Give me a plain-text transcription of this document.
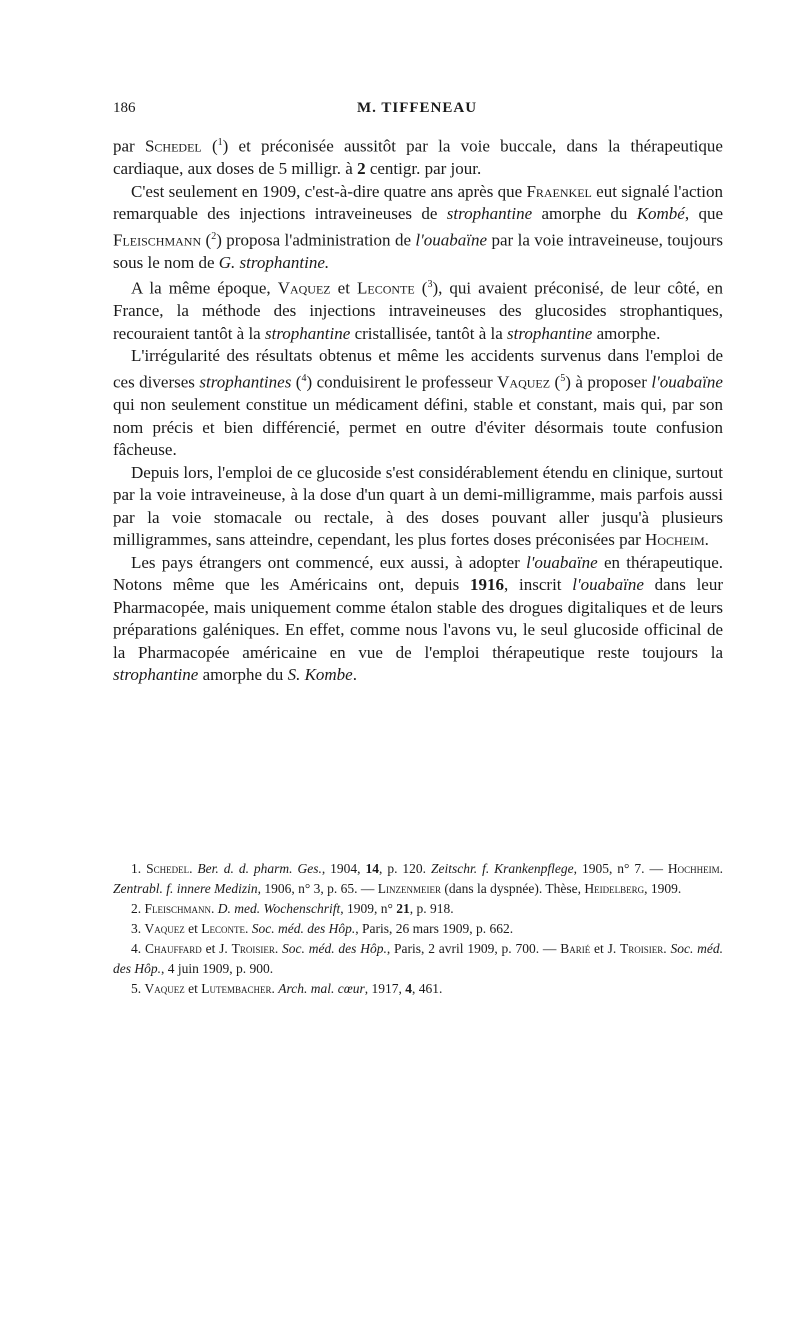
186	M. TIFFENEAU

par Schedel ($^1$) et préconisée aussitôt par la voie buccale, dans la thérapeutique cardiaque, aux doses de 5 milligr. à 2 centigr. par jour.

C'est seulement en 1909, c'est-à-dire quatre ans après que Fraenkel eut signalé l'action remarquable des injections intraveineuses de strophantine amorphe du Kombé, que Fleischmann ($^2$) proposa l'administration de l'ouabaïne par la voie intraveineuse, toujours sous le nom de G. strophantine.

A la même époque, Vaquez et Leconte ($^3$), qui avaient préconisé, de leur côté, en France, la méthode des injections intraveineuses des glucosides strophantiques, recouraient tantôt à la strophantine cristallisée, tantôt à la strophantine amorphe.

L'irrégularité des résultats obtenus et même les accidents survenus dans l'emploi de ces diverses strophantines ($^4$) conduisirent le professeur Vaquez ($^5$) à proposer l'ouabaïne qui non seulement constitue un médicament défini, stable et constant, mais qui, par son nom précis et bien différencié, permet en outre d'éviter désormais toute confusion fâcheuse.

Depuis lors, l'emploi de ce glucoside s'est considérablement étendu en clinique, surtout par la voie intraveineuse, à la dose d'un quart à un demi-milligramme, mais parfois aussi par la voie stomacale ou rectale, à des doses pouvant aller jusqu'à plusieurs milligrammes, sans atteindre, cependant, les plus fortes doses préconisées par Hocheim.

Les pays étrangers ont commencé, eux aussi, à adopter l'ouabaïne en thérapeutique. Notons même que les Américains ont, depuis 1916, inscrit l'ouabaïne dans leur Pharmacopée, mais uniquement comme étalon stable des drogues digitaliques et de leurs préparations galéniques. En effet, comme nous l'avons vu, le seul glucoside officinal de la Pharmacopée américaine en vue de l'emploi thérapeutique reste toujours la strophantine amorphe du S. Kombe.

1. Schedel. Ber. d. d. pharm. Ges., 1904, 14, p. 120. Zeitschr. f. Krankenpflege, 1905, n° 7. — Hochheim. Zentrabl. f. innere Medizin, 1906, n° 3, p. 65. — Linzenmeier (dans la dyspnée). Thèse, Heidelberg, 1909.

2. Fleischmann. D. med. Wochenschrift, 1909, n° 21, p. 918.

3. Vaquez et Leconte. Soc. méd. des Hôp., Paris, 26 mars 1909, p. 662.

4. Chauffard et J. Troisier. Soc. méd. des Hôp., Paris, 2 avril 1909, p. 700. — Barié et J. Troisier. Soc. méd. des Hôp., 4 juin 1909, p. 900.

5. Vaquez et Lutembacher. Arch. mal. cœur, 1917, 4, 461.
